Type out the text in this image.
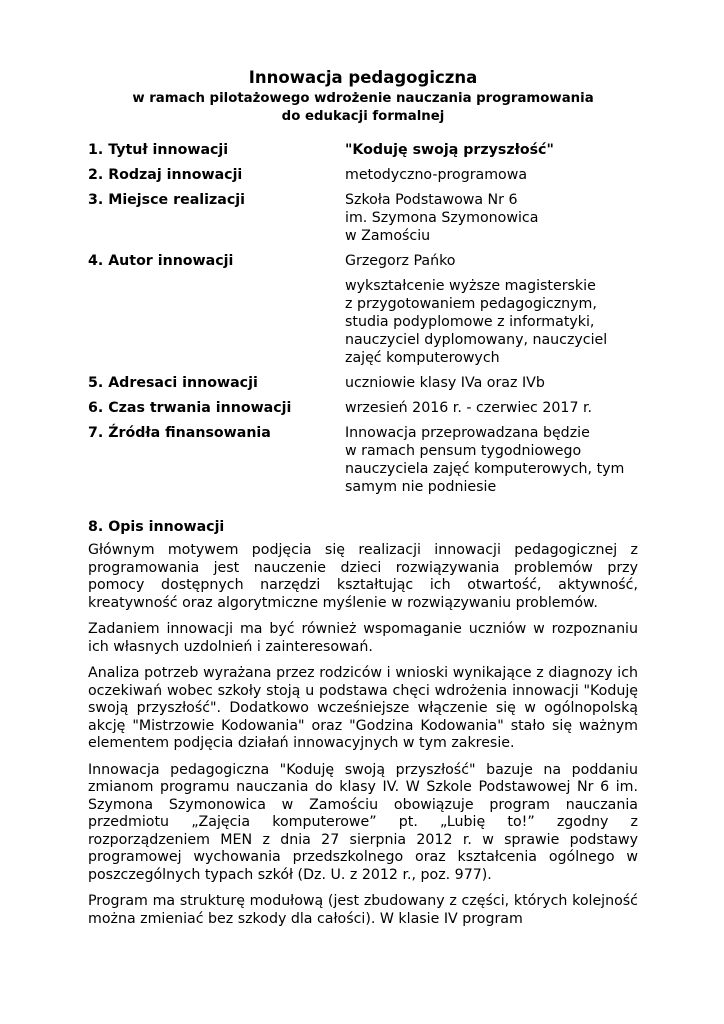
Innowacja pedagogiczna

w ramach pilotażowego wdrożenie nauczania programowania

do edukacji formalnej

1. Tytuł innowacji	"Koduję swoją przyszłość"
2. Rodzaj innowacji	metodyczno-programowa
3. Miejsce realizacji	Szkoła Podstawowa Nr 6
im. Szymona Szymonowica
w Zamościu
4. Autor innowacji	Grzegorz Pańko
wykształcenie wyższe magisterskie
z przygotowaniem pedagogicznym,
studia podyplomowe z informatyki,
nauczyciel dyplomowany, nauczyciel
zajęć komputerowych
5. Adresaci innowacji	uczniowie klasy IVa oraz IVb
6. Czas trwania innowacji	wrzesień 2016 r. - czerwiec 2017 r.
7. Źródła finansowania	Innowacja przeprowadzana będzie
w ramach pensum tygodniowego
nauczyciela zajęć komputerowych, tym
samym nie podniesie
8. Opis innowacji

Głównym motywem podjęcia się realizacji innowacji pedagogicznej z programowania jest nauczenie dzieci rozwiązywania problemów przy pomocy dostępnych narzędzi kształtując ich otwartość, aktywność, kreatywność oraz algorytmiczne myślenie w rozwiązywaniu problemów.

Zadaniem innowacji ma być również wspomaganie uczniów w rozpoznaniu ich własnych uzdolnień i zainteresowań.

Analiza potrzeb wyrażana przez rodziców i wnioski wynikające z diagnozy ich oczekiwań wobec szkoły stoją u podstawa chęci wdrożenia innowacji "Koduję swoją przyszłość". Dodatkowo wcześniejsze włączenie się w ogólnopolską akcję "Mistrzowie Kodowania" oraz "Godzina Kodowania" stało się ważnym elementem podjęcia działań innowacyjnych w tym zakresie.

Innowacja pedagogiczna "Koduję swoją przyszłość" bazuje na poddaniu zmianom programu nauczania do klasy IV. W Szkole Podstawowej Nr 6 im. Szymona Szymonowica w Zamościu obowiązuje program nauczania przedmiotu „Zajęcia komputerowe” pt. „Lubię to!” zgodny z rozporządzeniem MEN z dnia 27 sierpnia 2012 r. w sprawie podstawy programowej wychowania przedszkolnego oraz kształcenia ogólnego w poszczególnych typach szkół (Dz. U. z 2012 r., poz. 977).

Program ma strukturę modułową (jest zbudowany z części, których kolejność można zmieniać bez szkody dla całości). W klasie IV program
